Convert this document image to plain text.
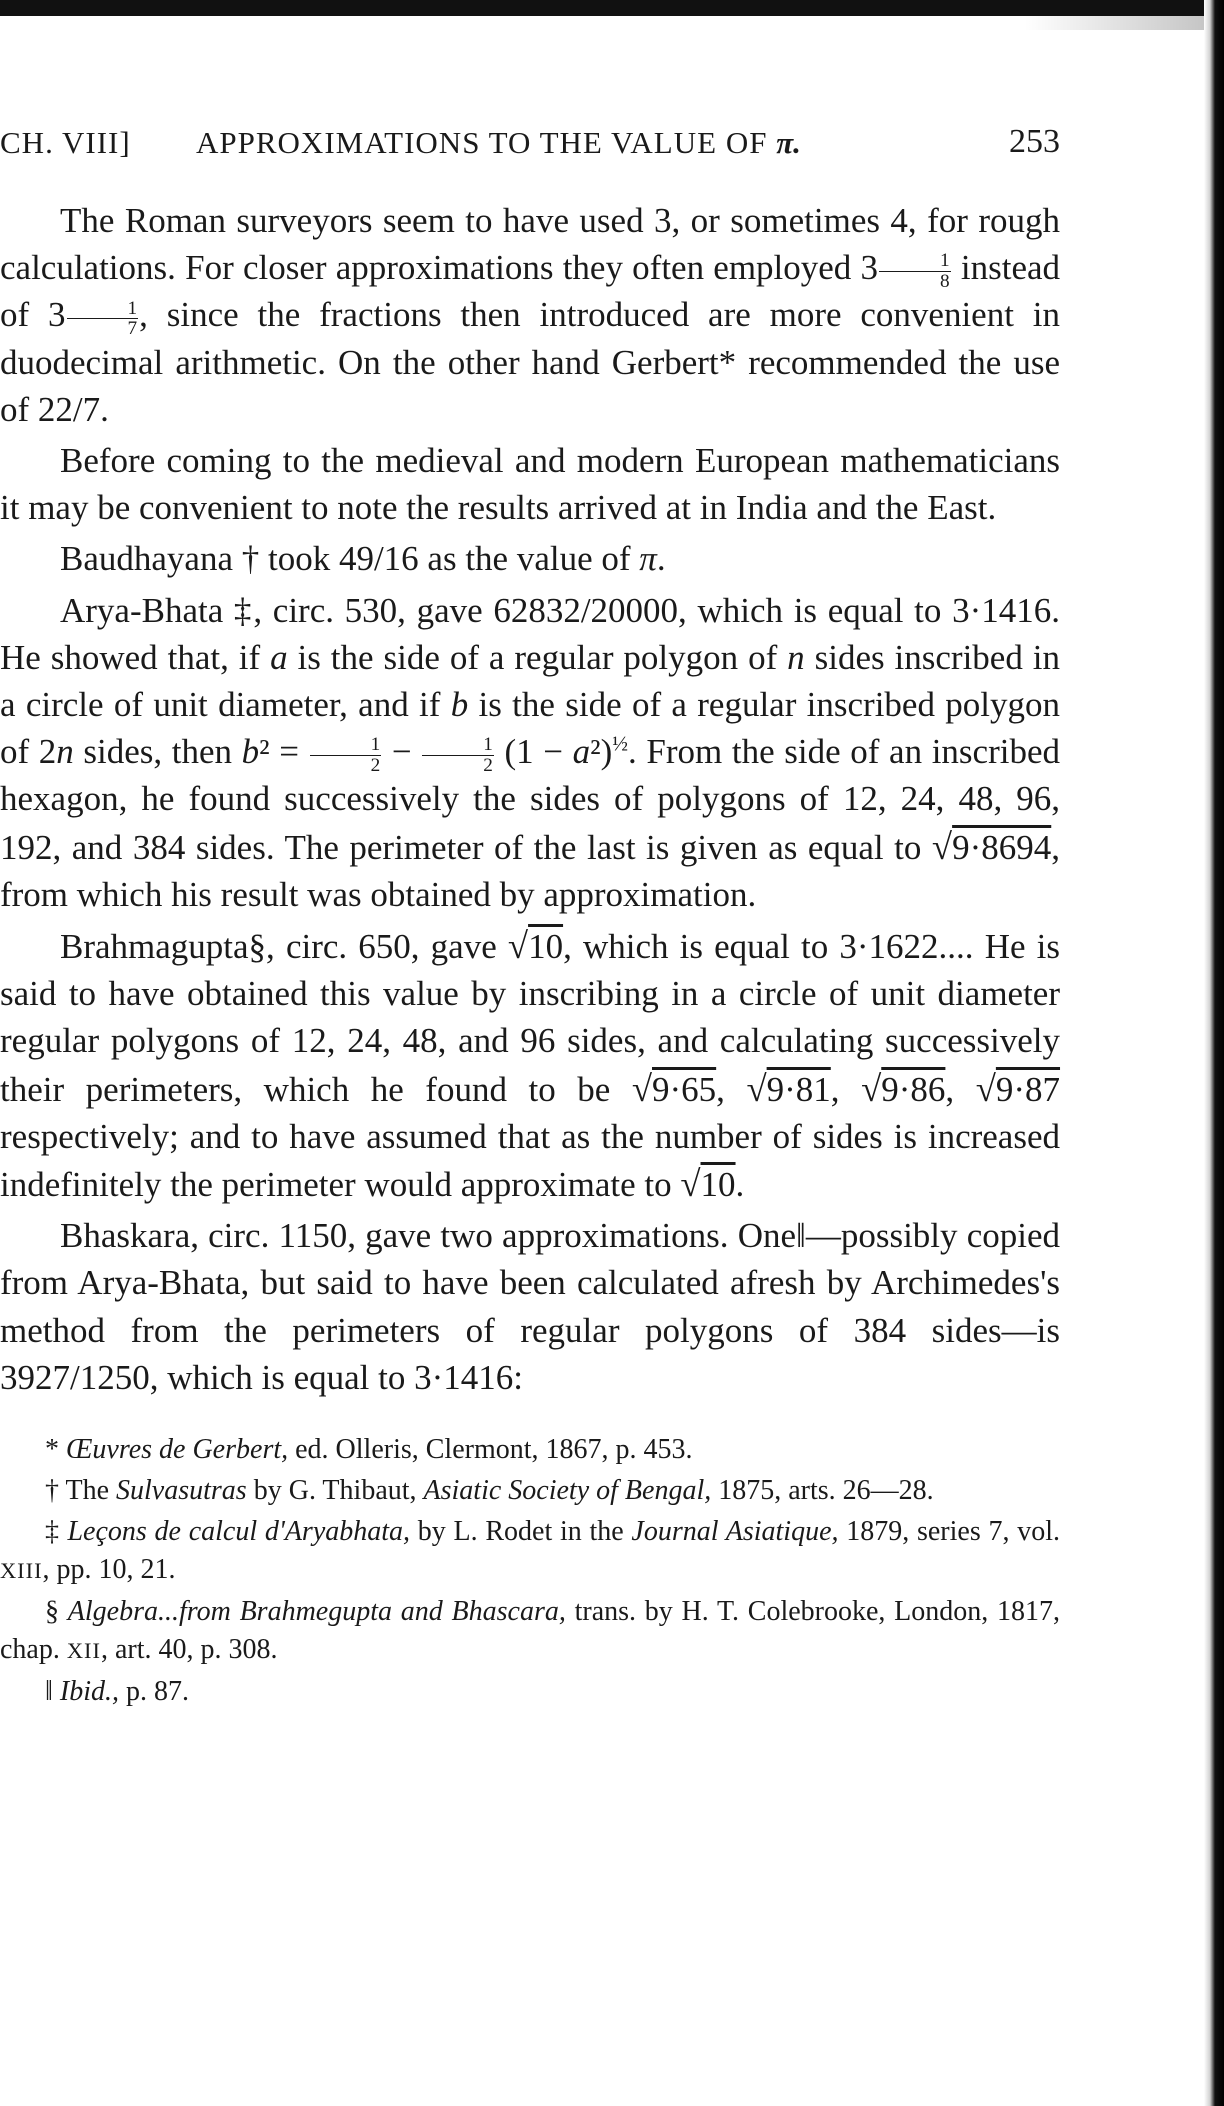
CH. VIII] APPROXIMATIONS TO THE VALUE OF π.	253

The Roman surveyors seem to have used 3, or sometimes 4, for rough calculations. For closer approximations they often employed $3 \frac{1}{8}$ instead of $3 \frac{1}{7}$ , since the fractions then introduced are more convenient in duodecimal arithmetic. On the other hand Gerbert* recommended the use of 22/7.

Before coming to the medieval and modern European mathematicians it may be convenient to note the results arrived at in India and the East.

Baudhayana † took 49/16 as the value of π.

Arya-Bhata ‡, circ. 530, gave 62832/20000, which is equal to 3·1416. He showed that, if a is the side of a regular polygon of n sides inscribed in a circle of unit diameter, and if b is the side of a regular inscribed polygon of 2n sides, then $b^2 = \frac{1}{2} - \frac{1}{2} (1 - a^2)^{\frac{1}{2}}$. From the side of an inscribed hexagon, he found successively the sides of polygons of 12, 24, 48, 96, 192, and 384 sides. The perimeter of the last is given as equal to √9·8694, from which his result was obtained by approximation.

Brahmagupta§, circ. 650, gave √10, which is equal to 3·1622.... He is said to have obtained this value by inscribing in a circle of unit diameter regular polygons of 12, 24, 48, and 96 sides, and calculating successively their perimeters, which he found to be √9·65, √9·81, √9·86, √9·87 respectively; and to have assumed that as the number of sides is increased indefinitely the perimeter would approximate to √10.

Bhaskara, circ. 1150, gave two approximations. One‖—possibly copied from Arya-Bhata, but said to have been calculated afresh by Archimedes's method from the perimeters of regular polygons of 384 sides—is 3927/1250, which is equal to 3·1416:

* Œuvres de Gerbert, ed. Olleris, Clermont, 1867, p. 453.

† The Sulvasutras by G. Thibaut, Asiatic Society of Bengal, 1875, arts. 26—28.

‡ Leçons de calcul d'Aryabhata, by L. Rodet in the Journal Asiatique, 1879, series 7, vol. XIII, pp. 10, 21.

§ Algebra...from Brahmegupta and Bhascara, trans. by H. T. Colebrooke, London, 1817, chap. XII, art. 40, p. 308.

‖ Ibid., p. 87.
